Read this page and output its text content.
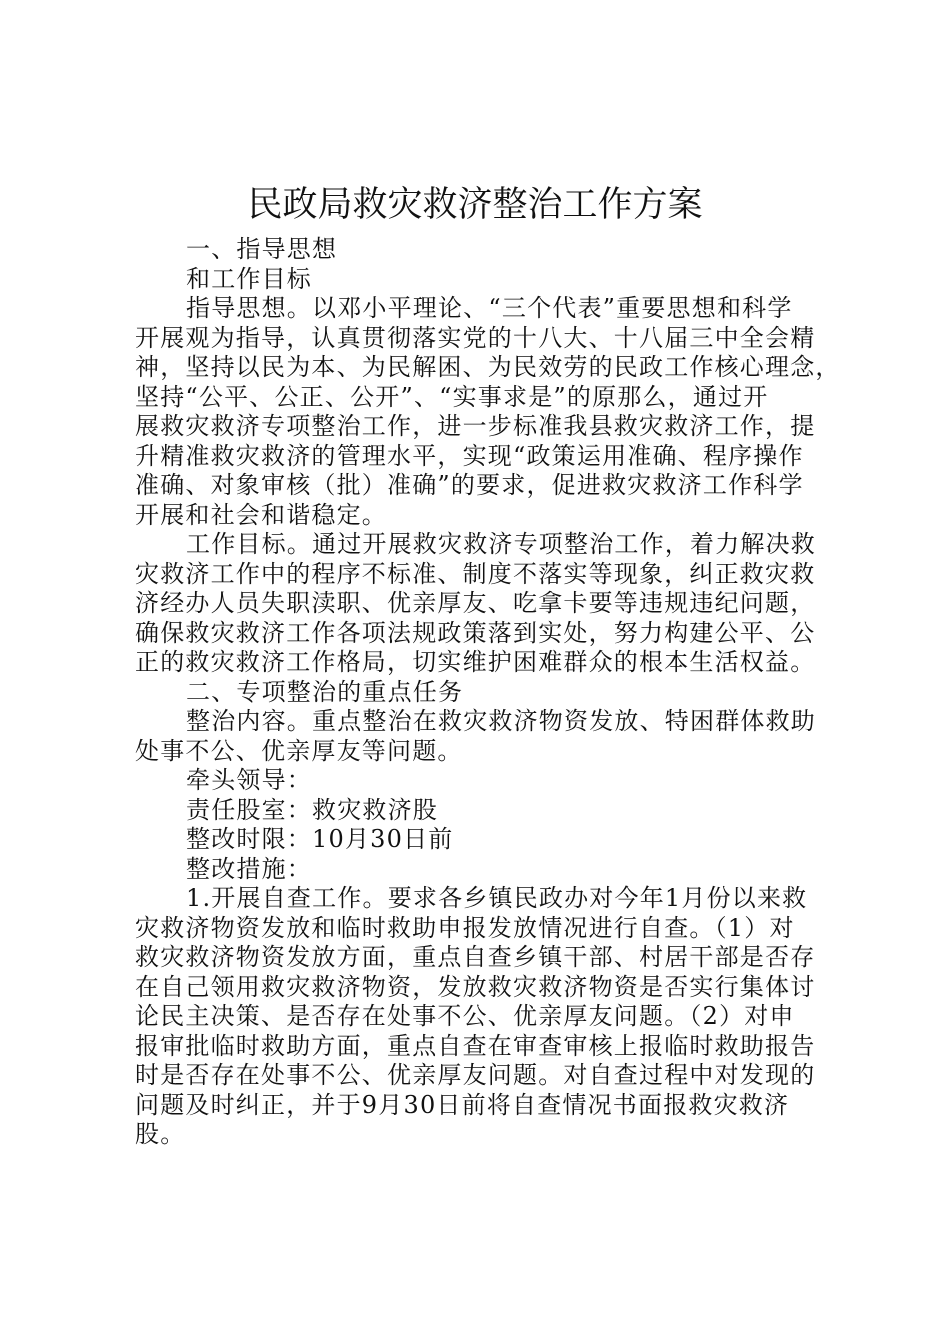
民政局救灾救济整治工作方案
一、指导思想
和工作目标
指导思想。以邓小平理论、“三个代表”重要思想和科学
开展观为指导，认真贯彻落实党的十八大、十八届三中全会精
神，坚持以民为本、为民解困、为民效劳的民政工作核心理念，
坚持“公平、公正、公开”、“实事求是”的原那么，通过开
展救灾救济专项整治工作，进一步标准我县救灾救济工作，提
升精准救灾救济的管理水平，实现“政策运用准确、程序操作
准确、对象审核（批）准确”的要求，促进救灾救济工作科学
开展和社会和谐稳定。
工作目标。通过开展救灾救济专项整治工作，着力解决救
灾救济工作中的程序不标准、制度不落实等现象，纠正救灾救
济经办人员失职渎职、优亲厚友、吃拿卡要等违规违纪问题，
确保救灾救济工作各项法规政策落到实处，努力构建公平、公
正的救灾救济工作格局，切实维护困难群众的根本生活权益。
二、专项整治的重点任务
整治内容。重点整治在救灾救济物资发放、特困群体救助
处事不公、优亲厚友等问题。
牵头领导：
责任股室：救灾救济股
整改时限：10月30日前
整改措施：
1.开展自查工作。要求各乡镇民政办对今年1月份以来救
灾救济物资发放和临时救助申报发放情况进行自查。（1）对
救灾救济物资发放方面，重点自查乡镇干部、村居干部是否存
在自己领用救灾救济物资，发放救灾救济物资是否实行集体讨
论民主决策、是否存在处事不公、优亲厚友问题。（2）对申
报审批临时救助方面，重点自查在审查审核上报临时救助报告
时是否存在处事不公、优亲厚友问题。对自查过程中对发现的
问题及时纠正，并于9月30日前将自查情况书面报救灾救济
股。
